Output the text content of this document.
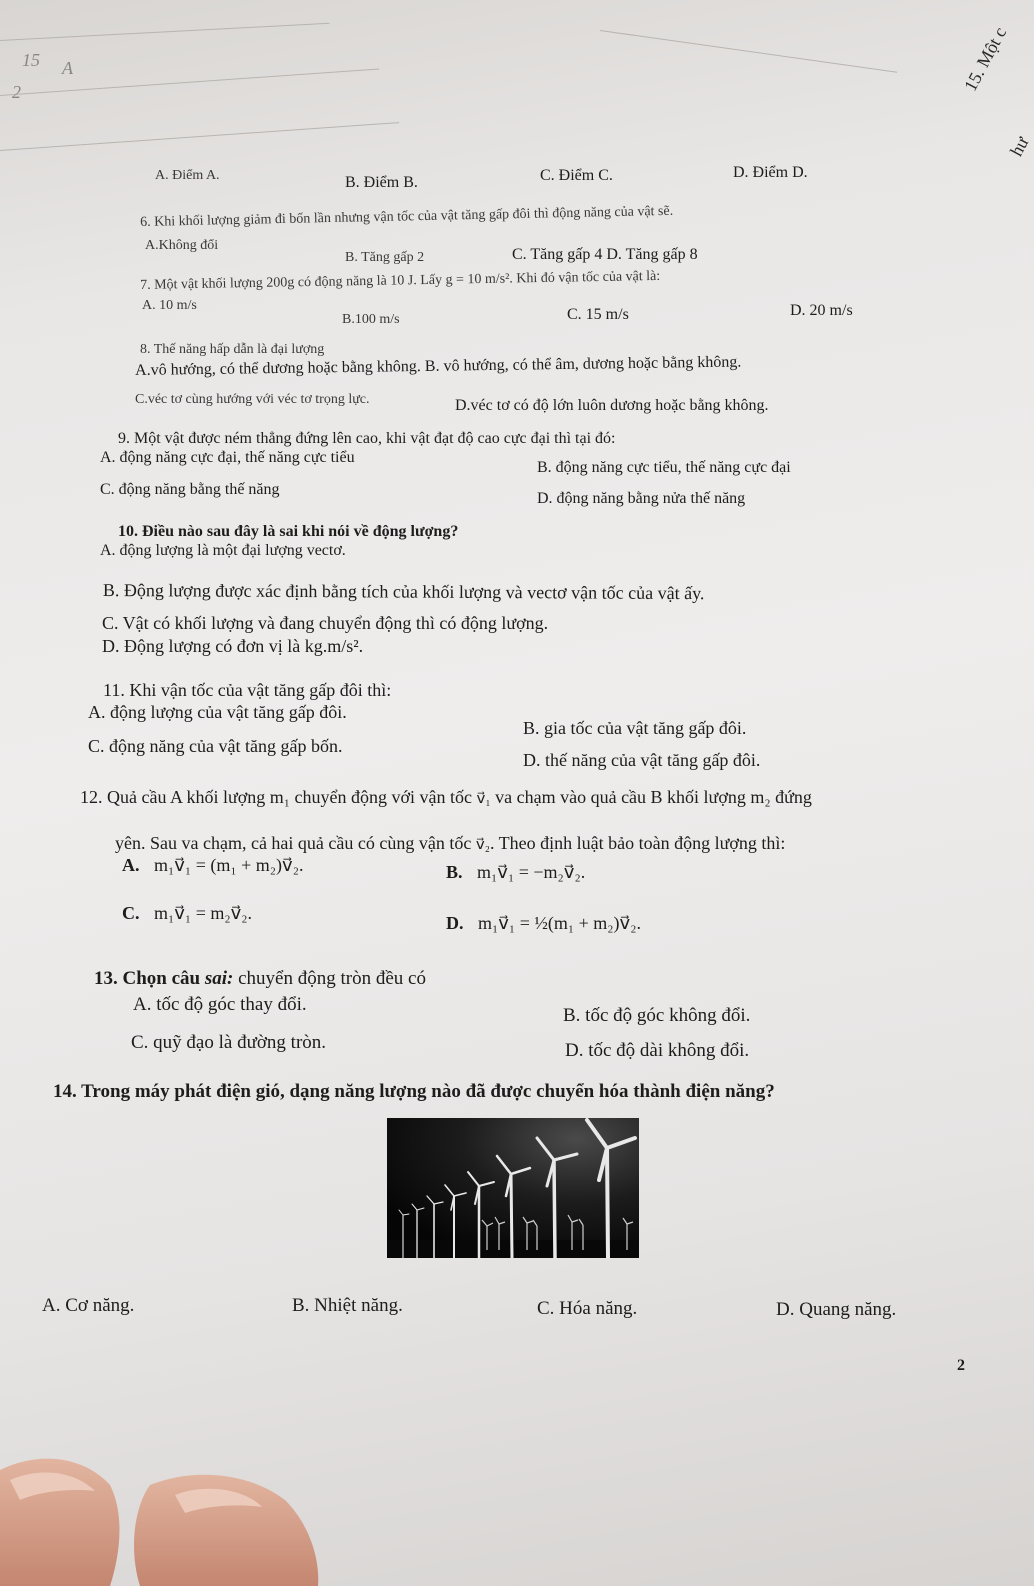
15 A
2	15. Một c
hư
A. Điểm A.	B. Điểm B.	C. Điểm C.	D. Điểm D.
6. Khi khối lượng giảm đi bốn lần nhưng vận tốc của vật tăng gấp đôi thì động năng của vật sẽ.
A.Không đổi
B. Tăng gấp 2	C. Tăng gấp 4 D. Tăng gấp 8
7. Một vật khối lượng 200g có động năng là 10 J. Lấy g = 10 m/s². Khi đó vận tốc của vật là:
A. 10 m/s
B.100 m/s	C. 15 m/s	D. 20 m/s
8. Thế năng hấp dẫn là đại lượng
A.vô hướng, có thể dương hoặc bằng không. B. vô hướng, có thể âm, dương hoặc bằng không.
C.véc tơ cùng hướng với véc tơ trọng lực.	D.véc tơ có độ lớn luôn dương hoặc bằng không.
9. Một vật được ném thẳng đứng lên cao, khi vật đạt độ cao cực đại thì tại đó:
A. động năng cực đại, thế năng cực tiểu
B. động năng cực tiểu, thế năng cực đại
C. động năng bằng thế năng
D. động năng bằng nửa thế năng
10. Điều nào sau đây là sai khi nói về động lượng?
A. động lượng là một đại lượng vectơ.
B. Động lượng được xác định bằng tích của khối lượng và vectơ vận tốc của vật ấy.
C. Vật có khối lượng và đang chuyển động thì có động lượng.
D. Động lượng có đơn vị là kg.m/s².
11. Khi vận tốc của vật tăng gấp đôi thì:
A. động lượng của vật tăng gấp đôi.
B. gia tốc của vật tăng gấp đôi.
C. động năng của vật tăng gấp bốn.
D. thế năng của vật tăng gấp đôi.
12. Quả cầu A khối lượng m₁ chuyển động với vận tốc v⃗₁ va chạm vào quả cầu B khối lượng m₂ đứng
yên. Sau va chạm, cả hai quả cầu có cùng vận tốc v⃗₂. Theo định luật bảo toàn động lượng thì:
A. m₁v⃗₁ = (m₁ + m₂)v⃗₂.	B. m₁v⃗₁ = −m₂v⃗₂.
C. m₁v⃗₁ = m₂v⃗₂.	D. m₁v⃗₁ = ½(m₁ + m₂)v⃗₂.
13. Chọn câu sai: chuyển động tròn đều có
A. tốc độ góc thay đổi.
B. tốc độ góc không đổi.
C. quỹ đạo là đường tròn.	D. tốc độ dài không đổi.
14. Trong máy phát điện gió, dạng năng lượng nào đã được chuyển hóa thành điện năng?
A. Cơ năng.	B. Nhiệt năng.	C. Hóa năng.	D. Quang năng.
2
